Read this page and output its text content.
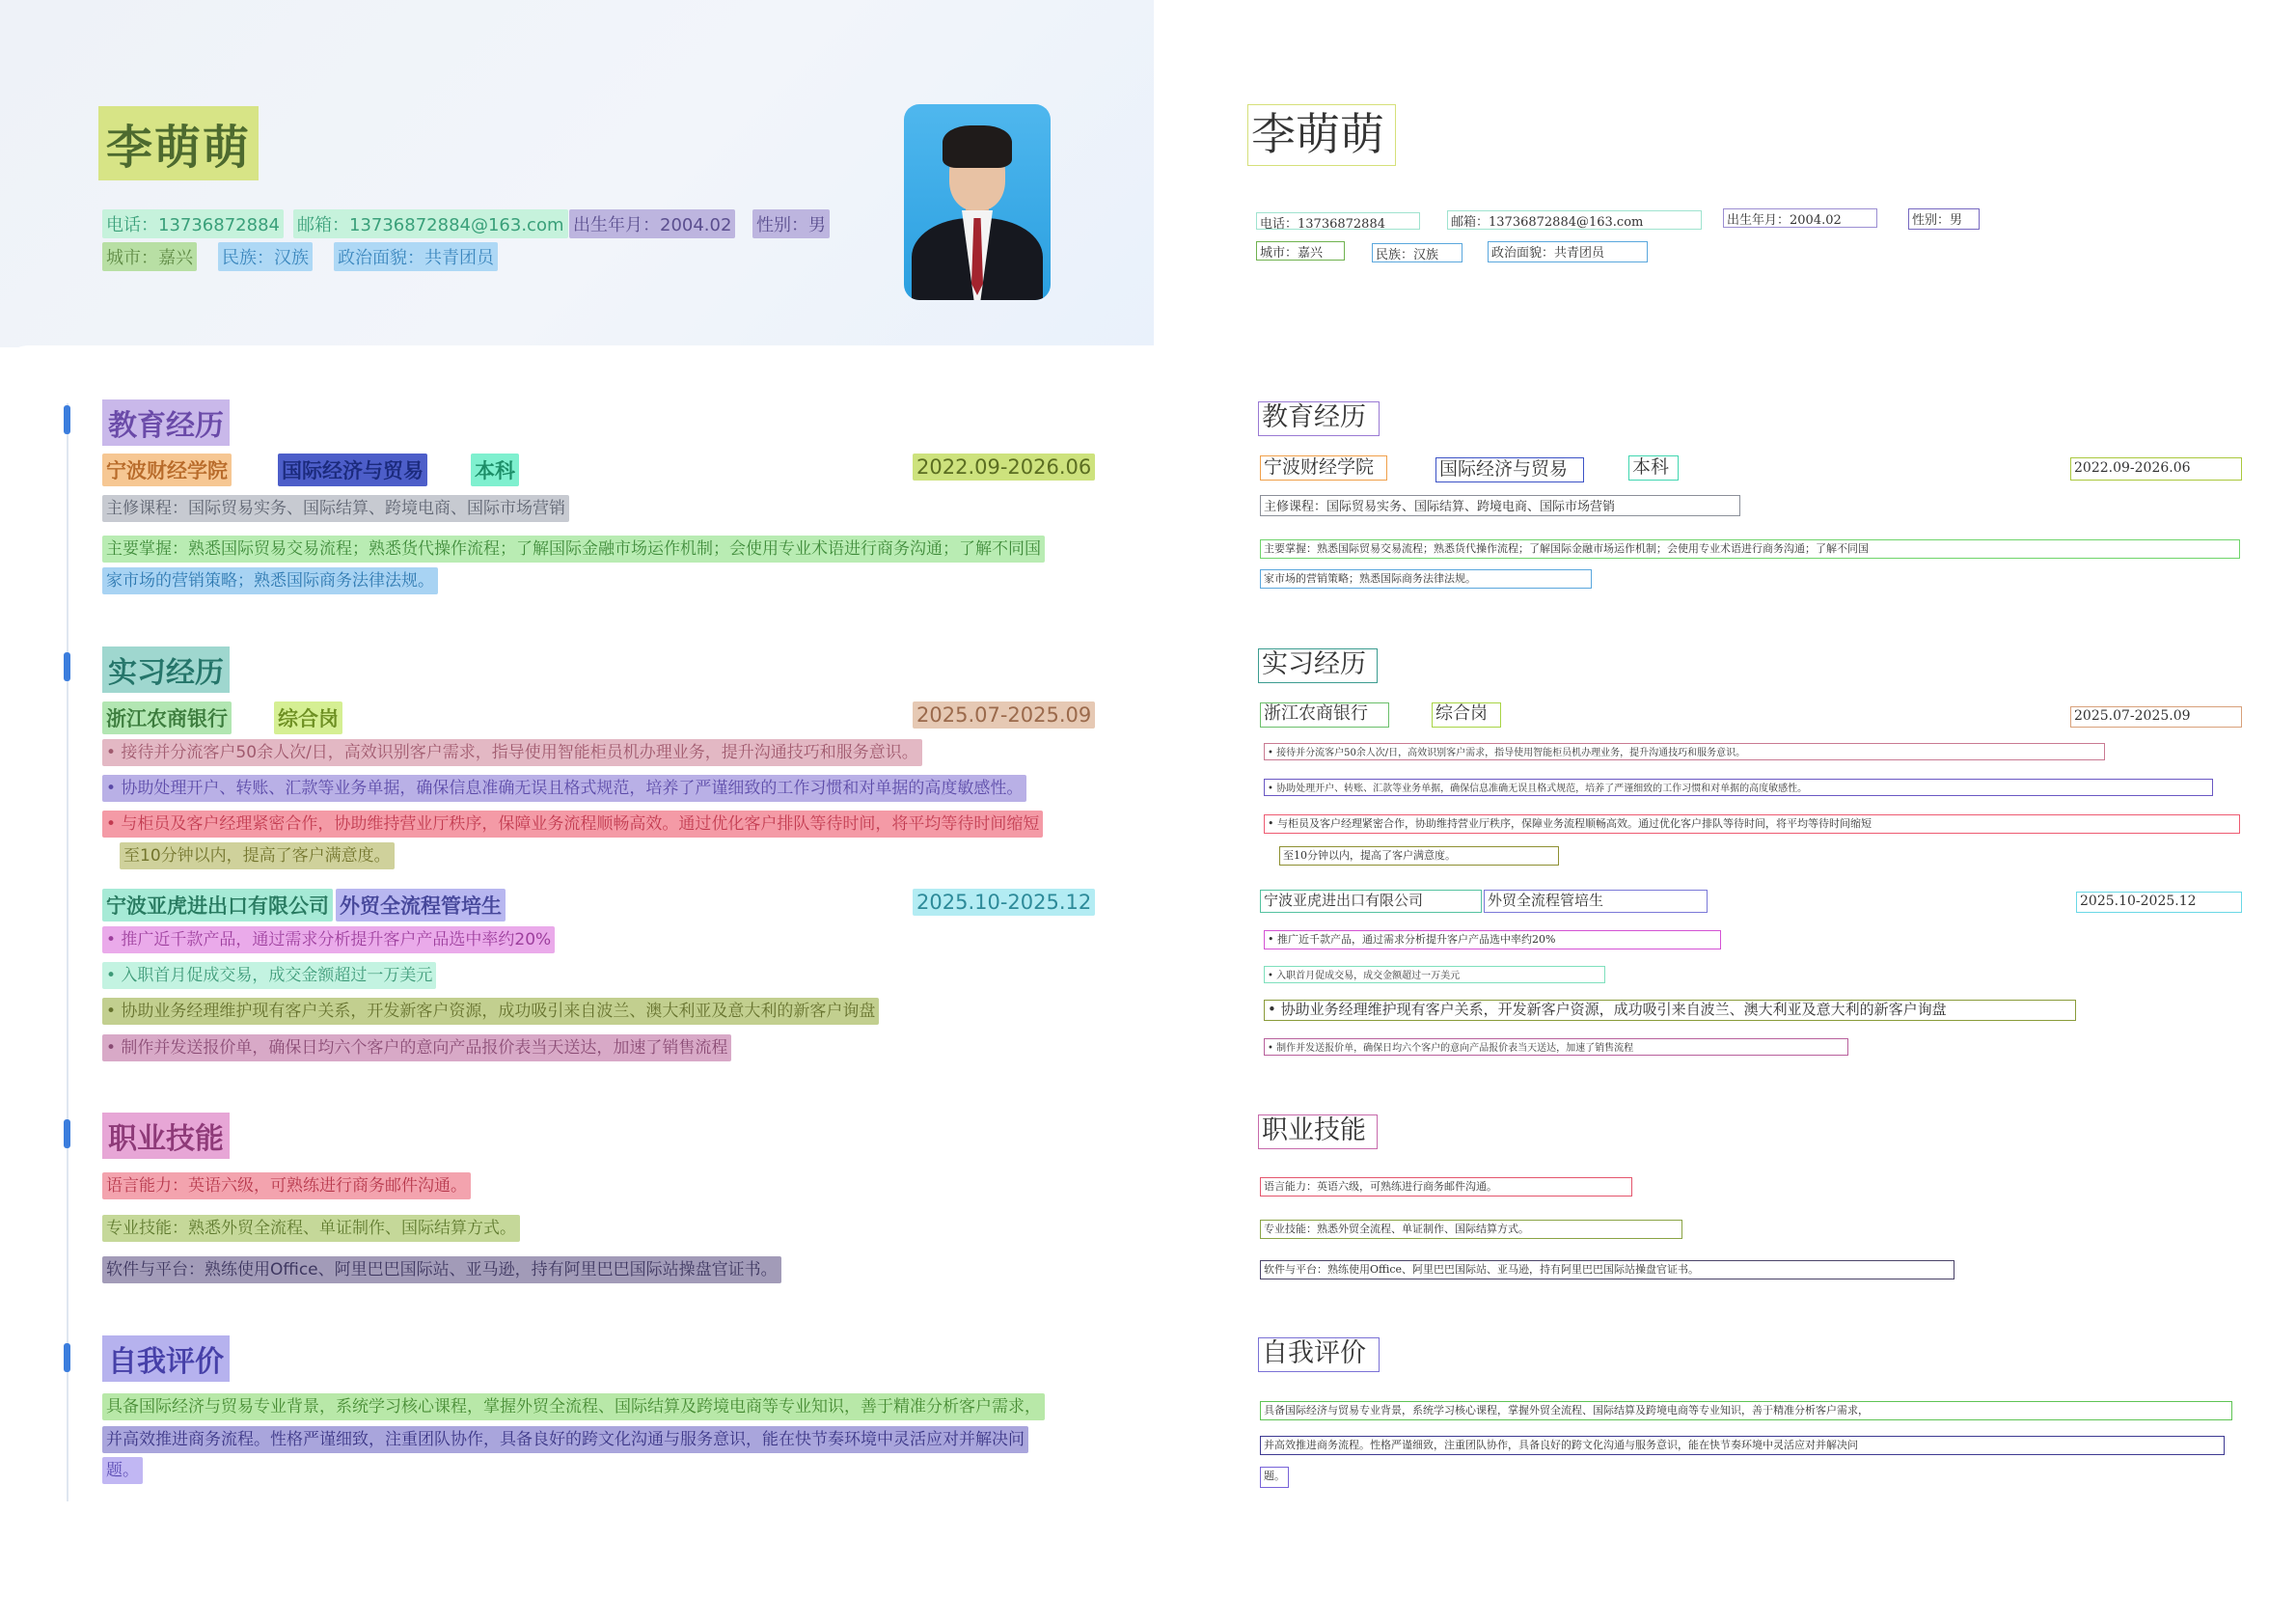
李萌萌
电话：13736872884 邮箱：13736872884@163.com 出生年月：2004.02 性别：男
城市：嘉兴 民族：汉族 政治面貌：共青团员
教育经历
宁波财经学院	国际经济与贸易	本科	2022.09-2026.06
主修课程：国际贸易实务、国际结算、跨境电商、国际市场营销
主要掌握：熟悉国际贸易交易流程；熟悉货代操作流程；了解国际金融市场运作机制；会使用专业术语进行商务沟通；了解不同国
家市场的营销策略；熟悉国际商务法律法规。
实习经历
浙江农商银行 综合岗	2025.07-2025.09
• 接待并分流客户50余人次/日，高效识别客户需求，指导使用智能柜员机办理业务，提升沟通技巧和服务意识。
• 协助处理开户、转账、汇款等业务单据，确保信息准确无误且格式规范，培养了严谨细致的工作习惯和对单据的高度敏感性。
• 与柜员及客户经理紧密合作，协助维持营业厅秩序，保障业务流程顺畅高效。通过优化客户排队等待时间，将平均等待时间缩短
至10分钟以内，提高了客户满意度。
宁波亚虎进出口有限公司 外贸全流程管培生	2025.10-2025.12
• 推广近千款产品，通过需求分析提升客户产品选中率约20%
• 入职首月促成交易，成交金额超过一万美元
• 协助业务经理维护现有客户关系，开发新客户资源，成功吸引来自波兰、澳大利亚及意大利的新客户询盘
• 制作并发送报价单，确保日均六个客户的意向产品报价表当天送达，加速了销售流程
职业技能
语言能力：英语六级，可熟练进行商务邮件沟通。
专业技能：熟悉外贸全流程、单证制作、国际结算方式。
软件与平台：熟练使用Office、阿里巴巴国际站、亚马逊，持有阿里巴巴国际站操盘官证书。
自我评价
具备国际经济与贸易专业背景，系统学习核心课程，掌握外贸全流程、国际结算及跨境电商等专业知识，善于精准分析客户需求，
并高效推进商务流程。性格严谨细致，注重团队协作，具备良好的跨文化沟通与服务意识，能在快节奏环境中灵活应对并解决问
题。
李萌萌
电话：13736872884	邮箱：13736872884@163.com	出生年月：2004.02	性别：男
城市：嘉兴	民族：汉族	政治面貌：共青团员
教育经历
宁波财经学院	国际经济与贸易	本科	2022.09-2026.06
主修课程：国际贸易实务、国际结算、跨境电商、国际市场营销
主要掌握：熟悉国际贸易交易流程；熟悉货代操作流程；了解国际金融市场运作机制；会使用专业术语进行商务沟通；了解不同国
家市场的营销策略；熟悉国际商务法律法规。
实习经历
浙江农商银行	综合岗	2025.07-2025.09
• 接待并分流客户50余人次/日，高效识别客户需求，指导使用智能柜员机办理业务，提升沟通技巧和服务意识。
• 协助处理开户、转账、汇款等业务单据，确保信息准确无误且格式规范，培养了严谨细致的工作习惯和对单据的高度敏感性。
• 与柜员及客户经理紧密合作，协助维持营业厅秩序，保障业务流程顺畅高效。通过优化客户排队等待时间，将平均等待时间缩短
至10分钟以内，提高了客户满意度。
宁波亚虎进出口有限公司	外贸全流程管培生	2025.10-2025.12
• 推广近千款产品，通过需求分析提升客户产品选中率约20%
• 入职首月促成交易，成交金额超过一万美元
• 协助业务经理维护现有客户关系，开发新客户资源，成功吸引来自波兰、澳大利亚及意大利的新客户询盘
• 制作并发送报价单，确保日均六个客户的意向产品报价表当天送达，加速了销售流程
职业技能
语言能力：英语六级，可熟练进行商务邮件沟通。
专业技能：熟悉外贸全流程、单证制作、国际结算方式。
软件与平台：熟练使用Office、阿里巴巴国际站、亚马逊，持有阿里巴巴国际站操盘官证书。
自我评价
具备国际经济与贸易专业背景，系统学习核心课程，掌握外贸全流程、国际结算及跨境电商等专业知识，善于精准分析客户需求，
并高效推进商务流程。性格严谨细致，注重团队协作，具备良好的跨文化沟通与服务意识，能在快节奏环境中灵活应对并解决问
题。
